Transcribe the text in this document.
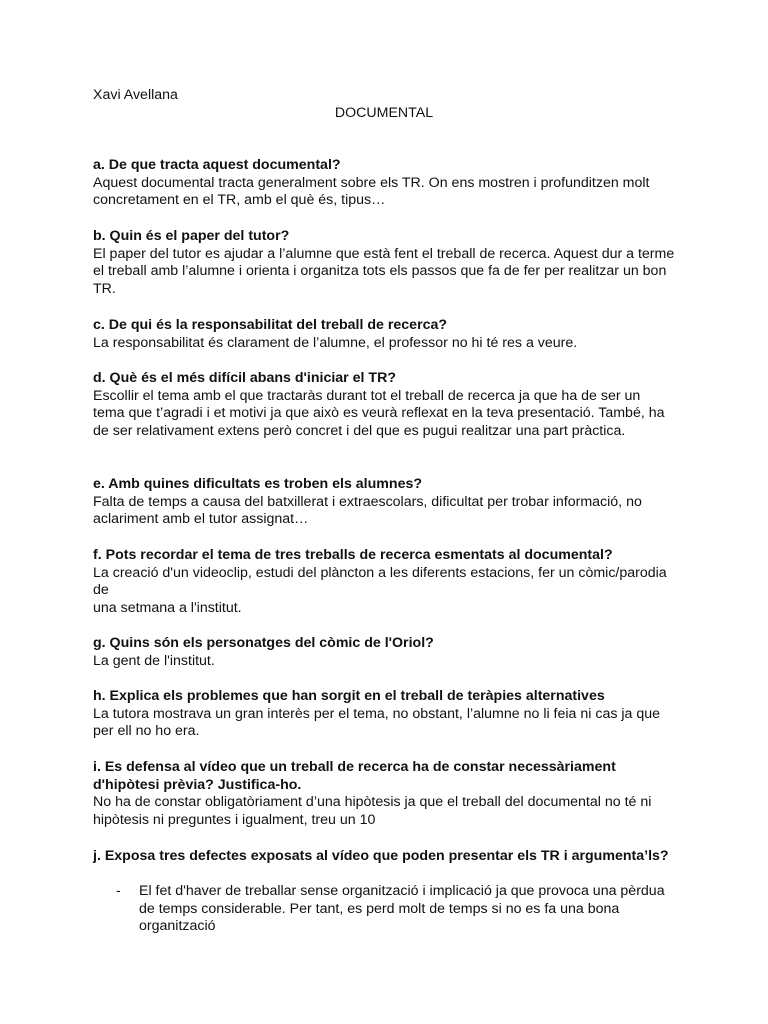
Xavi Avellana
DOCUMENTAL

a. De que tracta aquest documental?

Aquest documental tracta generalment sobre els TR. On ens mostren i profunditzen molt

concretament en el TR, amb el què és, tipus…

b. Quin és el paper del tutor?

El paper del tutor es ajudar a l’alumne que està fent el treball de recerca. Aquest dur a terme

el treball amb l’alumne i orienta i organitza tots els passos que fa de fer per realitzar un bon

TR.

c. De qui és la responsabilitat del treball de recerca?

La responsabilitat és clarament de l’alumne, el professor no hi té res a veure.

d. Què és el més difícil abans d'iniciar el TR?

Escollir el tema amb el que tractaràs durant tot el treball de recerca ja que ha de ser un

tema que t’agradi i et motivi ja que això es veurà reflexat en la teva presentació. També, ha

de ser relativament extens però concret i del que es pugui realitzar una part pràctica.

e. Amb quines dificultats es troben els alumnes?

Falta de temps a causa del batxillerat i extraescolars, dificultat per trobar informació, no

aclariment amb el tutor assignat…

f. Pots recordar el tema de tres treballs de recerca esmentats al documental?

La creació d'un videoclip, estudi del plàncton a les diferents estacions, fer un còmic/parodia

de

una setmana a l'institut.

g. Quins són els personatges del còmic de l'Oriol?

La gent de l'institut.

h. Explica els problemes que han sorgit en el treball de teràpies alternatives

La tutora mostrava un gran interès per el tema, no obstant, l’alumne no li feia ni cas ja que

per ell no ho era.

i. Es defensa al vídeo que un treball de recerca ha de constar necessàriament

d'hipòtesi prèvia? Justifica-ho.

No ha de constar obligatòriament d’una hipòtesis ja que el treball del documental no té ni

hipòtesis ni preguntes i igualment, treu un 10

j. Exposa tres defectes exposats al vídeo que poden presentar els TR i argumenta’ls?

- El fet d'haver de treballar sense organització i implicació ja que provoca una pèrdua

de temps considerable. Per tant, es perd molt de temps si no es fa una bona

organització
